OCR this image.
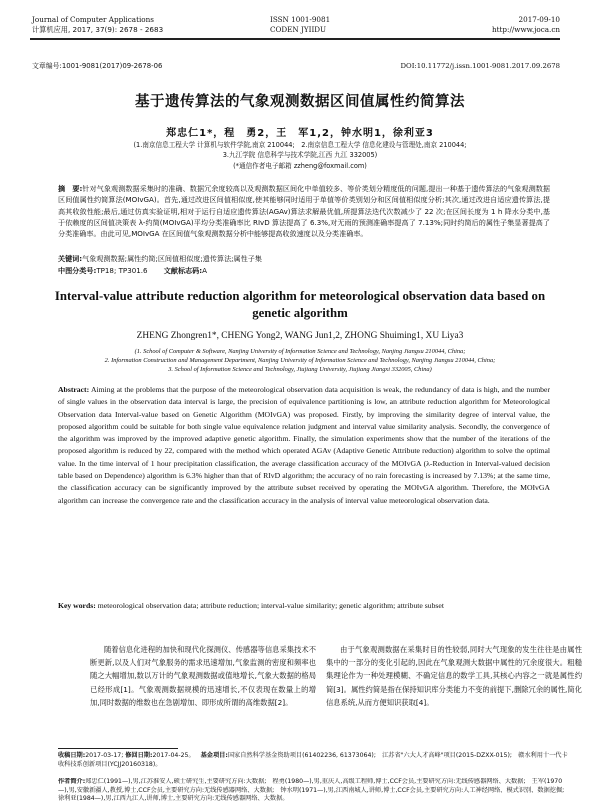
Journal of Computer Applications
计算机应用, 2017, 37(9): 2678 - 2683
ISSN 1001-9081
CODEN JYIIDU
2017-09-10
http://www.joca.cn
文章编号:1001-9081(2017)09-2678-06	DOI:10.11772/j.issn.1001-9081.2017.09.2678
基于遗传算法的气象观测数据区间值属性约简算法
郑忠仁1*，程　勇2，王　军1,2，钟水明1，徐利亚3
(1.南京信息工程大学 计算机与软件学院,南京 210044;　2.南京信息工程大学 信息化建设与管理处,南京 210044;
3.九江学院 信息科学与技术学院,江西 九江 332005)
(*通信作者电子邮箱 zzheng@foxmail.com)
摘　要:针对气象观测数据采集时的准确、数据冗余度较高以及观测数据区间化中单值较多、等价类划分精度低的问题,提出一种基于遗传算法的气象观测数据区间值属性约简算法(MOIvGA)。首先,通过改进区间值相似度,使其能够同时适用于单值等价类别划分和区间值相似度分析;其次,通过改进自适应遗传算法,提高其收敛性能;最后,通过仿真实验证明,相对于运行自适应遗传算法(AGAv)算法求解最优值,所提算法迭代次数减少了 22 次;在区间长度为 1 h 降水分类中,基于依赖度的区间值决策表 λ-约简(MOIvGA)平均分类准确率比 RIvD 算法提高了 6.3%,对无雨的预测准确率提高了 7.13%;同时约简后的属性子集显著提高了分类准确率。由此可见,MOIvGA 在区间值气象观测数据分析中能够提高收敛速度以及分类准确率。
关键词:气象观测数据;属性约简;区间值相似度;遗传算法;属性子集
中图分类号:TP18; TP301.6 文献标志码:A
Interval-value attribute reduction algorithm for meteorological observation data based on genetic algorithm
ZHENG Zhongren1*, CHENG Yong2, WANG Jun1,2, ZHONG Shuiming1, XU Liya3
(1. School of Computer & Software, Nanjing University of Information Science and Technology, Nanjing Jiangsu 210044, China;
2. Information Construction and Management Department, Nanjing University of Information Science and Technology, Nanjing Jiangsu 210044, China;
3. School of Information Science and Technology, Jiujiang University, Jiujiang Jiangxi 332005, China)
Abstract: Aiming at the problems that the purpose of the meteorological observation data acquisition is weak, the redundancy of data is high, and the number of single values in the observation data interval is large, the precision of equivalence partitioning is low, an attribute reduction algorithm for Meteorological Observation data Interval-value based on Genetic Algorithm (MOIvGA) was proposed. Firstly, by improving the similarity degree of interval value, the proposed algorithm could be suitable for both single value equivalence relation judgment and interval value similarity analysis. Secondly, the convergence of the algorithm was improved by the improved adaptive genetic algorithm. Finally, the simulation experiments show that the number of the iterations of the proposed algorithm is reduced by 22, compared with the method which operated AGAv (Adaptive Genetic Attribute reduction) algorithm to solve the optimal value. In the time interval of 1 hour precipitation classification, the average classification accuracy of the MOIvGA (λ-Reduction in Interval-valued decision table based on Dependence) algorithm is 6.3% higher than that of RIvD algorithm; the accuracy of no rain forecasting is increased by 7.13%; at the same time, the classification accuracy can be significantly improved by the attribute subset received by operating the MOIvGA algorithm. Therefore, the MOIvGA algorithm can increase the convergence rate and the classification accuracy in the analysis of interval value meteorological observation data.
Key words: meteorological observation data; attribute reduction; interval-value similarity; genetic algorithm; attribute subset
随着信息化进程的加快和现代化探测仪、传感器等信息采集技术不断更新,以及人们对气象服务的需求迅速增加,气象监测的密度和频率也随之大幅增加,数以万计的气象观测数据或值地增长,气象大数据的格局已经形成[1]。气象观测数据规模的迅速增长,不仅表现在数量上的增加,同时数据的维数也在急剧增加、即形成所谓的高维数据[2]。
由于气象观测数据在采集时目的性较弱,同时大气现象的发生往往是由属性集中的一部分的变化引起的,因此在气象观测大数据中属性的冗余度很大。粗糙集理论作为一种处理模糊、不确定信息的数学工具,其核心内容之一就是属性约简[3]。属性约简是指在保持知识库分类能力不变的前提下,删除冗余的属性,简化信息系统,从而方便知识获取[4]。
收稿日期:2017-03-17; 修回日期:2017-04-25。 基金项目:国家自然科学基金资助项目(61402236, 61373064);　江苏省"六大人才高峰"项目(2015-DZXX-015);　赣水利用十一代卡收科技系创新项目(YCJJ20160318)。
作者简介:郑忠仁(1991—),男,江苏淮安人,硕士研究生,主要研究方向:大数据;　程勇(1980—),男,重庆人,高级工程师,博士,CCF会员,主要研究方向:无线传感器网络、大数据;　王军(1970—),男,安徽新疆人,教授,博士,CCF会员,主要研究方向:无线传感器网络、大数据;　钟水明(1971—),男,江西南城人,讲师,博士,CCF会员,主要研究方向:人工神经网络、模式识别、数据挖掘;　徐利亚(1984—),男,江西九江人,讲师,博士,主要研究方向:无线传感器网络、大数据。
